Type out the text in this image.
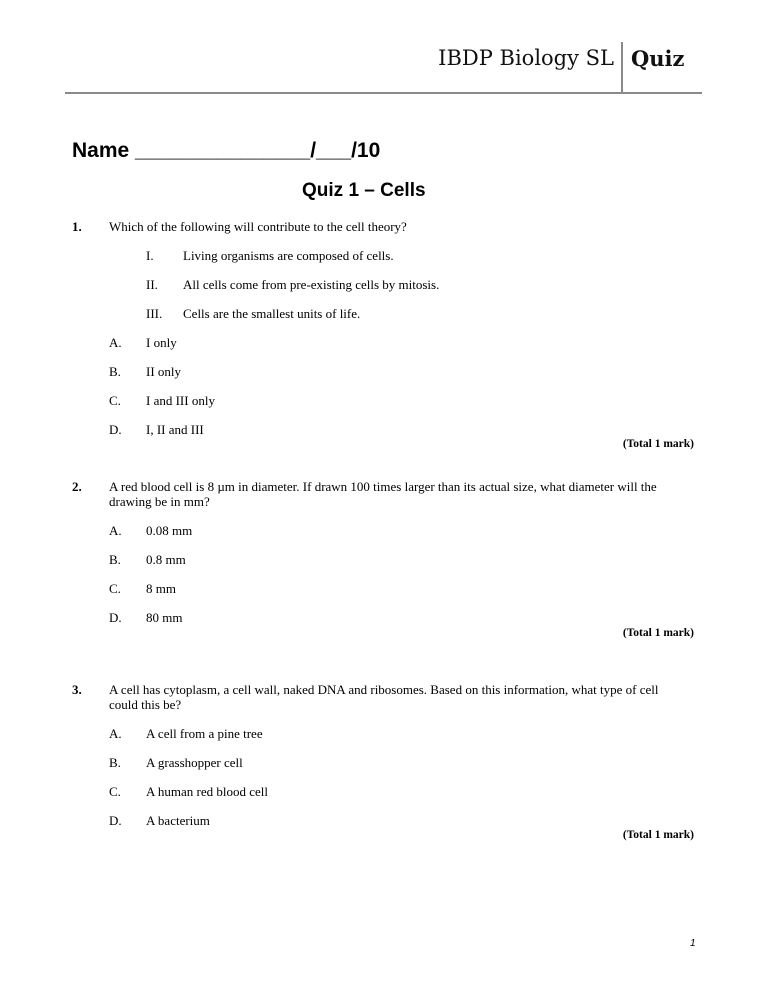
IBDP Biology SL Quiz
Name _______________/___/10
Quiz 1 – Cells
1. Which of the following will contribute to the cell theory?
I. Living organisms are composed of cells.
II. All cells come from pre-existing cells by mitosis.
III. Cells are the smallest units of life.
A. I only
B. II only
C. I and III only
D. I, II and III
(Total 1 mark)
2. A red blood cell is 8 µm in diameter. If drawn 100 times larger than its actual size, what diameter will the drawing be in mm?
A. 0.08 mm
B. 0.8 mm
C. 8 mm
D. 80 mm
(Total 1 mark)
3. A cell has cytoplasm, a cell wall, naked DNA and ribosomes. Based on this information, what type of cell could this be?
A. A cell from a pine tree
B. A grasshopper cell
C. A human red blood cell
D. A bacterium
(Total 1 mark)
1
